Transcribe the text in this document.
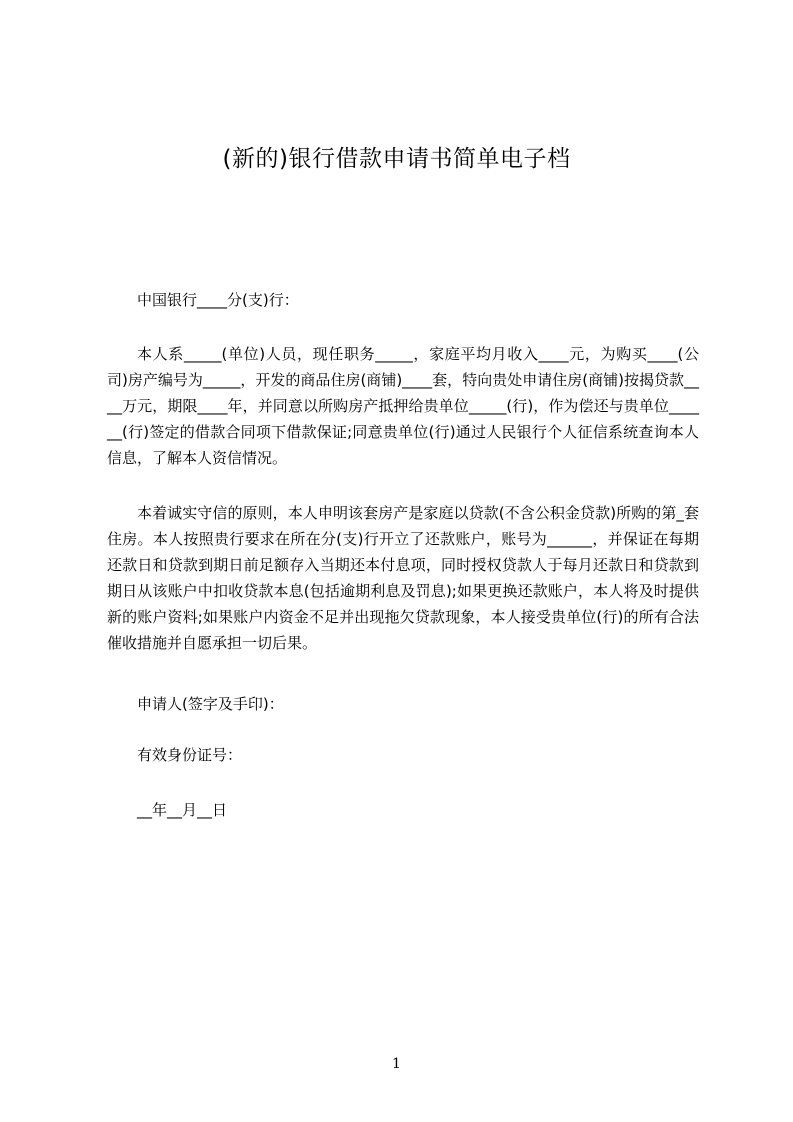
(新的)银行借款申请书简单电子档

中国银行____分(支)行：

本人系_____(单位)人员，现任职务_____，家庭平均月收入____元，为购买____(公司)房产编号为_____，开发的商品住房(商铺)____套，特向贵处申请住房(商铺)按揭贷款____万元，期限____年，并同意以所购房产抵押给贵单位_____(行)，作为偿还与贵单位______(行)签定的借款合同项下借款保证;同意贵单位(行)通过人民银行个人征信系统查询本人信息，了解本人资信情况。

本着诚实守信的原则，本人申明该套房产是家庭以贷款(不含公积金贷款)所购的第_套住房。本人按照贵行要求在所在分(支)行开立了还款账户，账号为______，并保证在每期还款日和贷款到期日前足额存入当期还本付息项，同时授权贷款人于每月还款日和贷款到期日从该账户中扣收贷款本息(包括逾期利息及罚息);如果更换还款账户，本人将及时提供新的账户资料;如果账户内资金不足并出现拖欠贷款现象，本人接受贵单位(行)的所有合法催收措施并自愿承担一切后果。

申请人(签字及手印)：

有效身份证号：

__年__月__日

1
